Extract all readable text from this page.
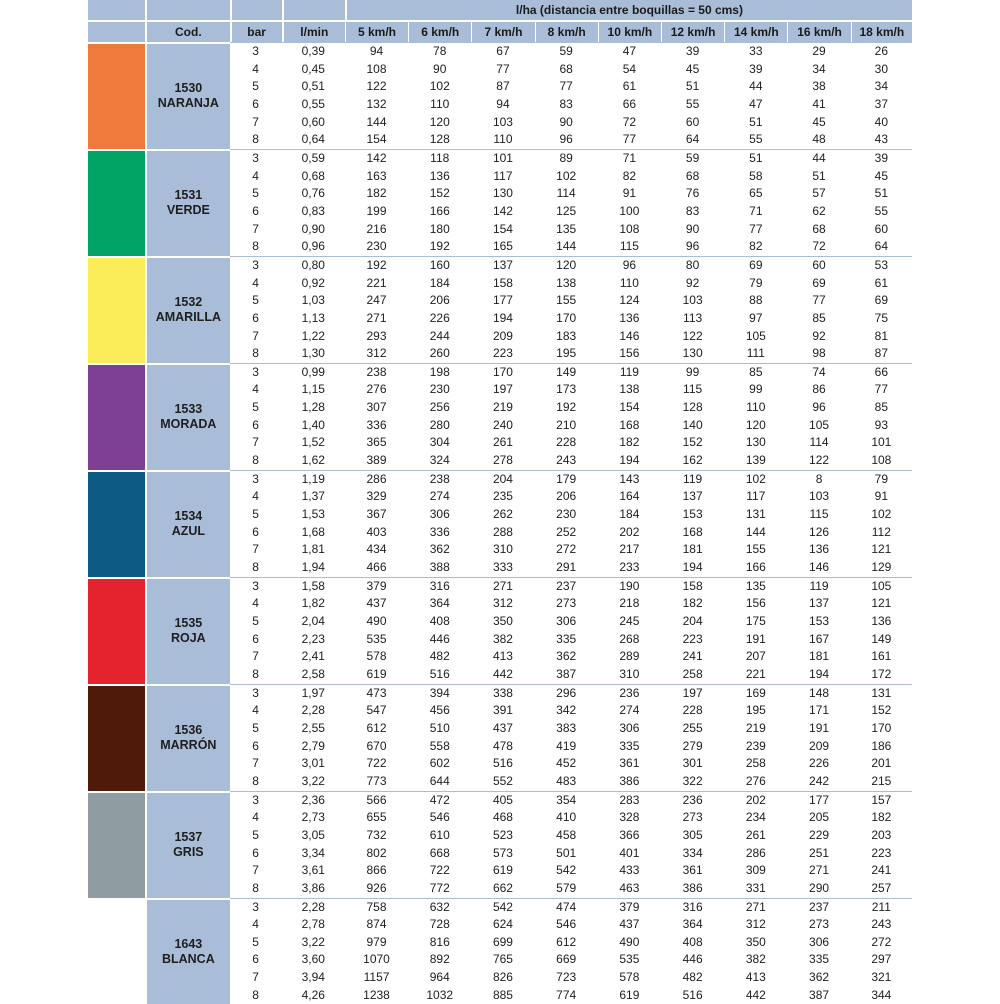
				l/ha (distancia entre boquillas = 50 cms)								
	Cod.	bar	l/min	5 km/h	6 km/h	7 km/h	8 km/h	10 km/h	12 km/h	14 km/h	16 km/h	18 km/h

	1530
NARANJA	3	0,39	94	78	67	59	47	39	33	29	26
		4	0,45	108	90	77	68	54	45	39	34	30
		5	0,51	122	102	87	77	61	51	44	38	34
		6	0,55	132	110	94	83	66	55	47	41	37
		7	0,60	144	120	103	90	72	60	51	45	40
		8	0,64	154	128	110	96	77	64	55	48	43

	1531
VERDE	3	0,59	142	118	101	89	71	59	51	44	39
		4	0,68	163	136	117	102	82	68	58	51	45
		5	0,76	182	152	130	114	91	76	65	57	51
		6	0,83	199	166	142	125	100	83	71	62	55
		7	0,90	216	180	154	135	108	90	77	68	60
		8	0,96	230	192	165	144	115	96	82	72	64

	1532
AMARILLA	3	0,80	192	160	137	120	96	80	69	60	53
		4	0,92	221	184	158	138	110	92	79	69	61
		5	1,03	247	206	177	155	124	103	88	77	69
		6	1,13	271	226	194	170	136	113	97	85	75
		7	1,22	293	244	209	183	146	122	105	92	81
		8	1,30	312	260	223	195	156	130	111	98	87

	1533
MORADA	3	0,99	238	198	170	149	119	99	85	74	66
		4	1,15	276	230	197	173	138	115	99	86	77
		5	1,28	307	256	219	192	154	128	110	96	85
		6	1,40	336	280	240	210	168	140	120	105	93
		7	1,52	365	304	261	228	182	152	130	114	101
		8	1,62	389	324	278	243	194	162	139	122	108

	1534
AZUL	3	1,19	286	238	204	179	143	119	102	8	79
		4	1,37	329	274	235	206	164	137	117	103	91
		5	1,53	367	306	262	230	184	153	131	115	102
		6	1,68	403	336	288	252	202	168	144	126	112
		7	1,81	434	362	310	272	217	181	155	136	121
		8	1,94	466	388	333	291	233	194	166	146	129

	1535
ROJA	3	1,58	379	316	271	237	190	158	135	119	105
		4	1,82	437	364	312	273	218	182	156	137	121
		5	2,04	490	408	350	306	245	204	175	153	136
		6	2,23	535	446	382	335	268	223	191	167	149
		7	2,41	578	482	413	362	289	241	207	181	161
		8	2,58	619	516	442	387	310	258	221	194	172

	1536
MARRÓN	3	1,97	473	394	338	296	236	197	169	148	131
		4	2,28	547	456	391	342	274	228	195	171	152
		5	2,55	612	510	437	383	306	255	219	191	170
		6	2,79	670	558	478	419	335	279	239	209	186
		7	3,01	722	602	516	452	361	301	258	226	201
		8	3,22	773	644	552	483	386	322	276	242	215

	1537
GRIS	3	2,36	566	472	405	354	283	236	202	177	157
		4	2,73	655	546	468	410	328	273	234	205	182
		5	3,05	732	610	523	458	366	305	261	229	203
		6	3,34	802	668	573	501	401	334	286	251	223
		7	3,61	866	722	619	542	433	361	309	271	241
		8	3,86	926	772	662	579	463	386	331	290	257

	1643
BLANCA	3	2,28	758	632	542	474	379	316	271	237	211
		4	2,78	874	728	624	546	437	364	312	273	243
		5	3,22	979	816	699	612	490	408	350	306	272
		6	3,60	1070	892	765	669	535	446	382	335	297
		7	3,94	1157	964	826	723	578	482	413	362	321
		8	4,26	1238	1032	885	774	619	516	442	387	344
